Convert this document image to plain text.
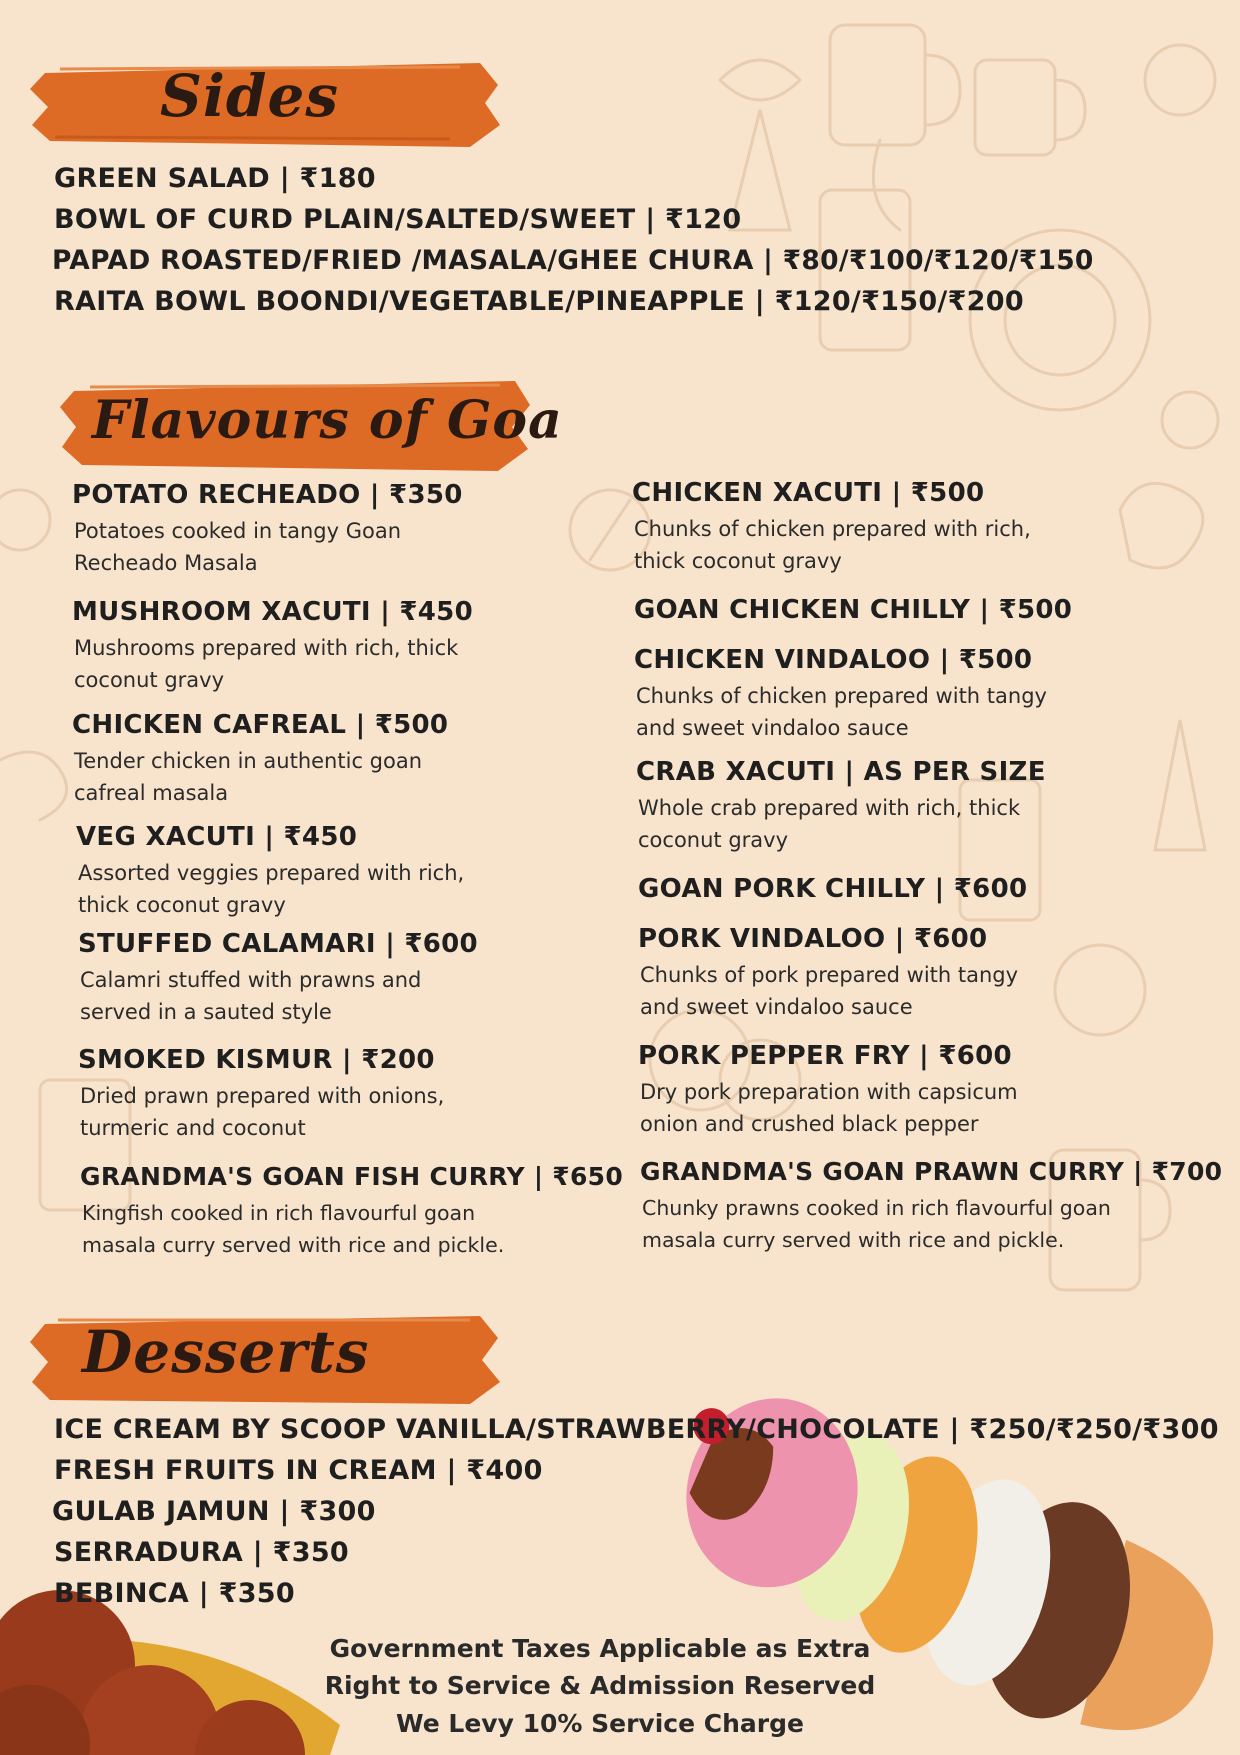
Sides
GREEN SALAD | ₹180
BOWL OF CURD PLAIN/SALTED/SWEET | ₹120
PAPAD ROASTED/FRIED /MASALA/GHEE CHURA | ₹80/₹100/₹120/₹150
RAITA BOWL BOONDI/VEGETABLE/PINEAPPLE | ₹120/₹150/₹200
Flavours of Goa
POTATO RECHEADO | ₹350
Potatoes cooked in tangy Goan
Recheado Masala
MUSHROOM XACUTI | ₹450
Mushrooms prepared with rich, thick
coconut gravy
CHICKEN CAFREAL | ₹500
Tender chicken in authentic goan
cafreal masala
VEG XACUTI | ₹450
Assorted veggies prepared with rich,
thick coconut gravy
STUFFED CALAMARI | ₹600
Calamri stuffed with prawns and
served in a sauted style
SMOKED KISMUR | ₹200
Dried prawn prepared with onions,
turmeric and coconut
GRANDMA'S GOAN FISH CURRY | ₹650
Kingfish cooked in rich flavourful goan
masala curry served with rice and pickle.
CHICKEN XACUTI | ₹500
Chunks of chicken prepared with rich,
thick coconut gravy
GOAN CHICKEN CHILLY | ₹500
CHICKEN VINDALOO | ₹500
Chunks of chicken prepared with tangy
and sweet vindaloo sauce
CRAB XACUTI | AS PER SIZE
Whole crab prepared with rich, thick
coconut gravy
GOAN PORK CHILLY | ₹600
PORK VINDALOO | ₹600
Chunks of pork prepared with tangy
and sweet vindaloo sauce
PORK PEPPER FRY | ₹600
Dry pork preparation with capsicum
onion and crushed black pepper
GRANDMA'S GOAN PRAWN CURRY | ₹700
Chunky prawns cooked in rich flavourful goan
masala curry served with rice and pickle.
Desserts
ICE CREAM BY SCOOP VANILLA/STRAWBERRY/CHOCOLATE | ₹250/₹250/₹300
FRESH FRUITS IN CREAM | ₹400
GULAB JAMUN | ₹300
SERRADURA | ₹350
BEBINCA | ₹350
Government Taxes Applicable as Extra
Right to Service & Admission Reserved
We Levy 10% Service Charge
